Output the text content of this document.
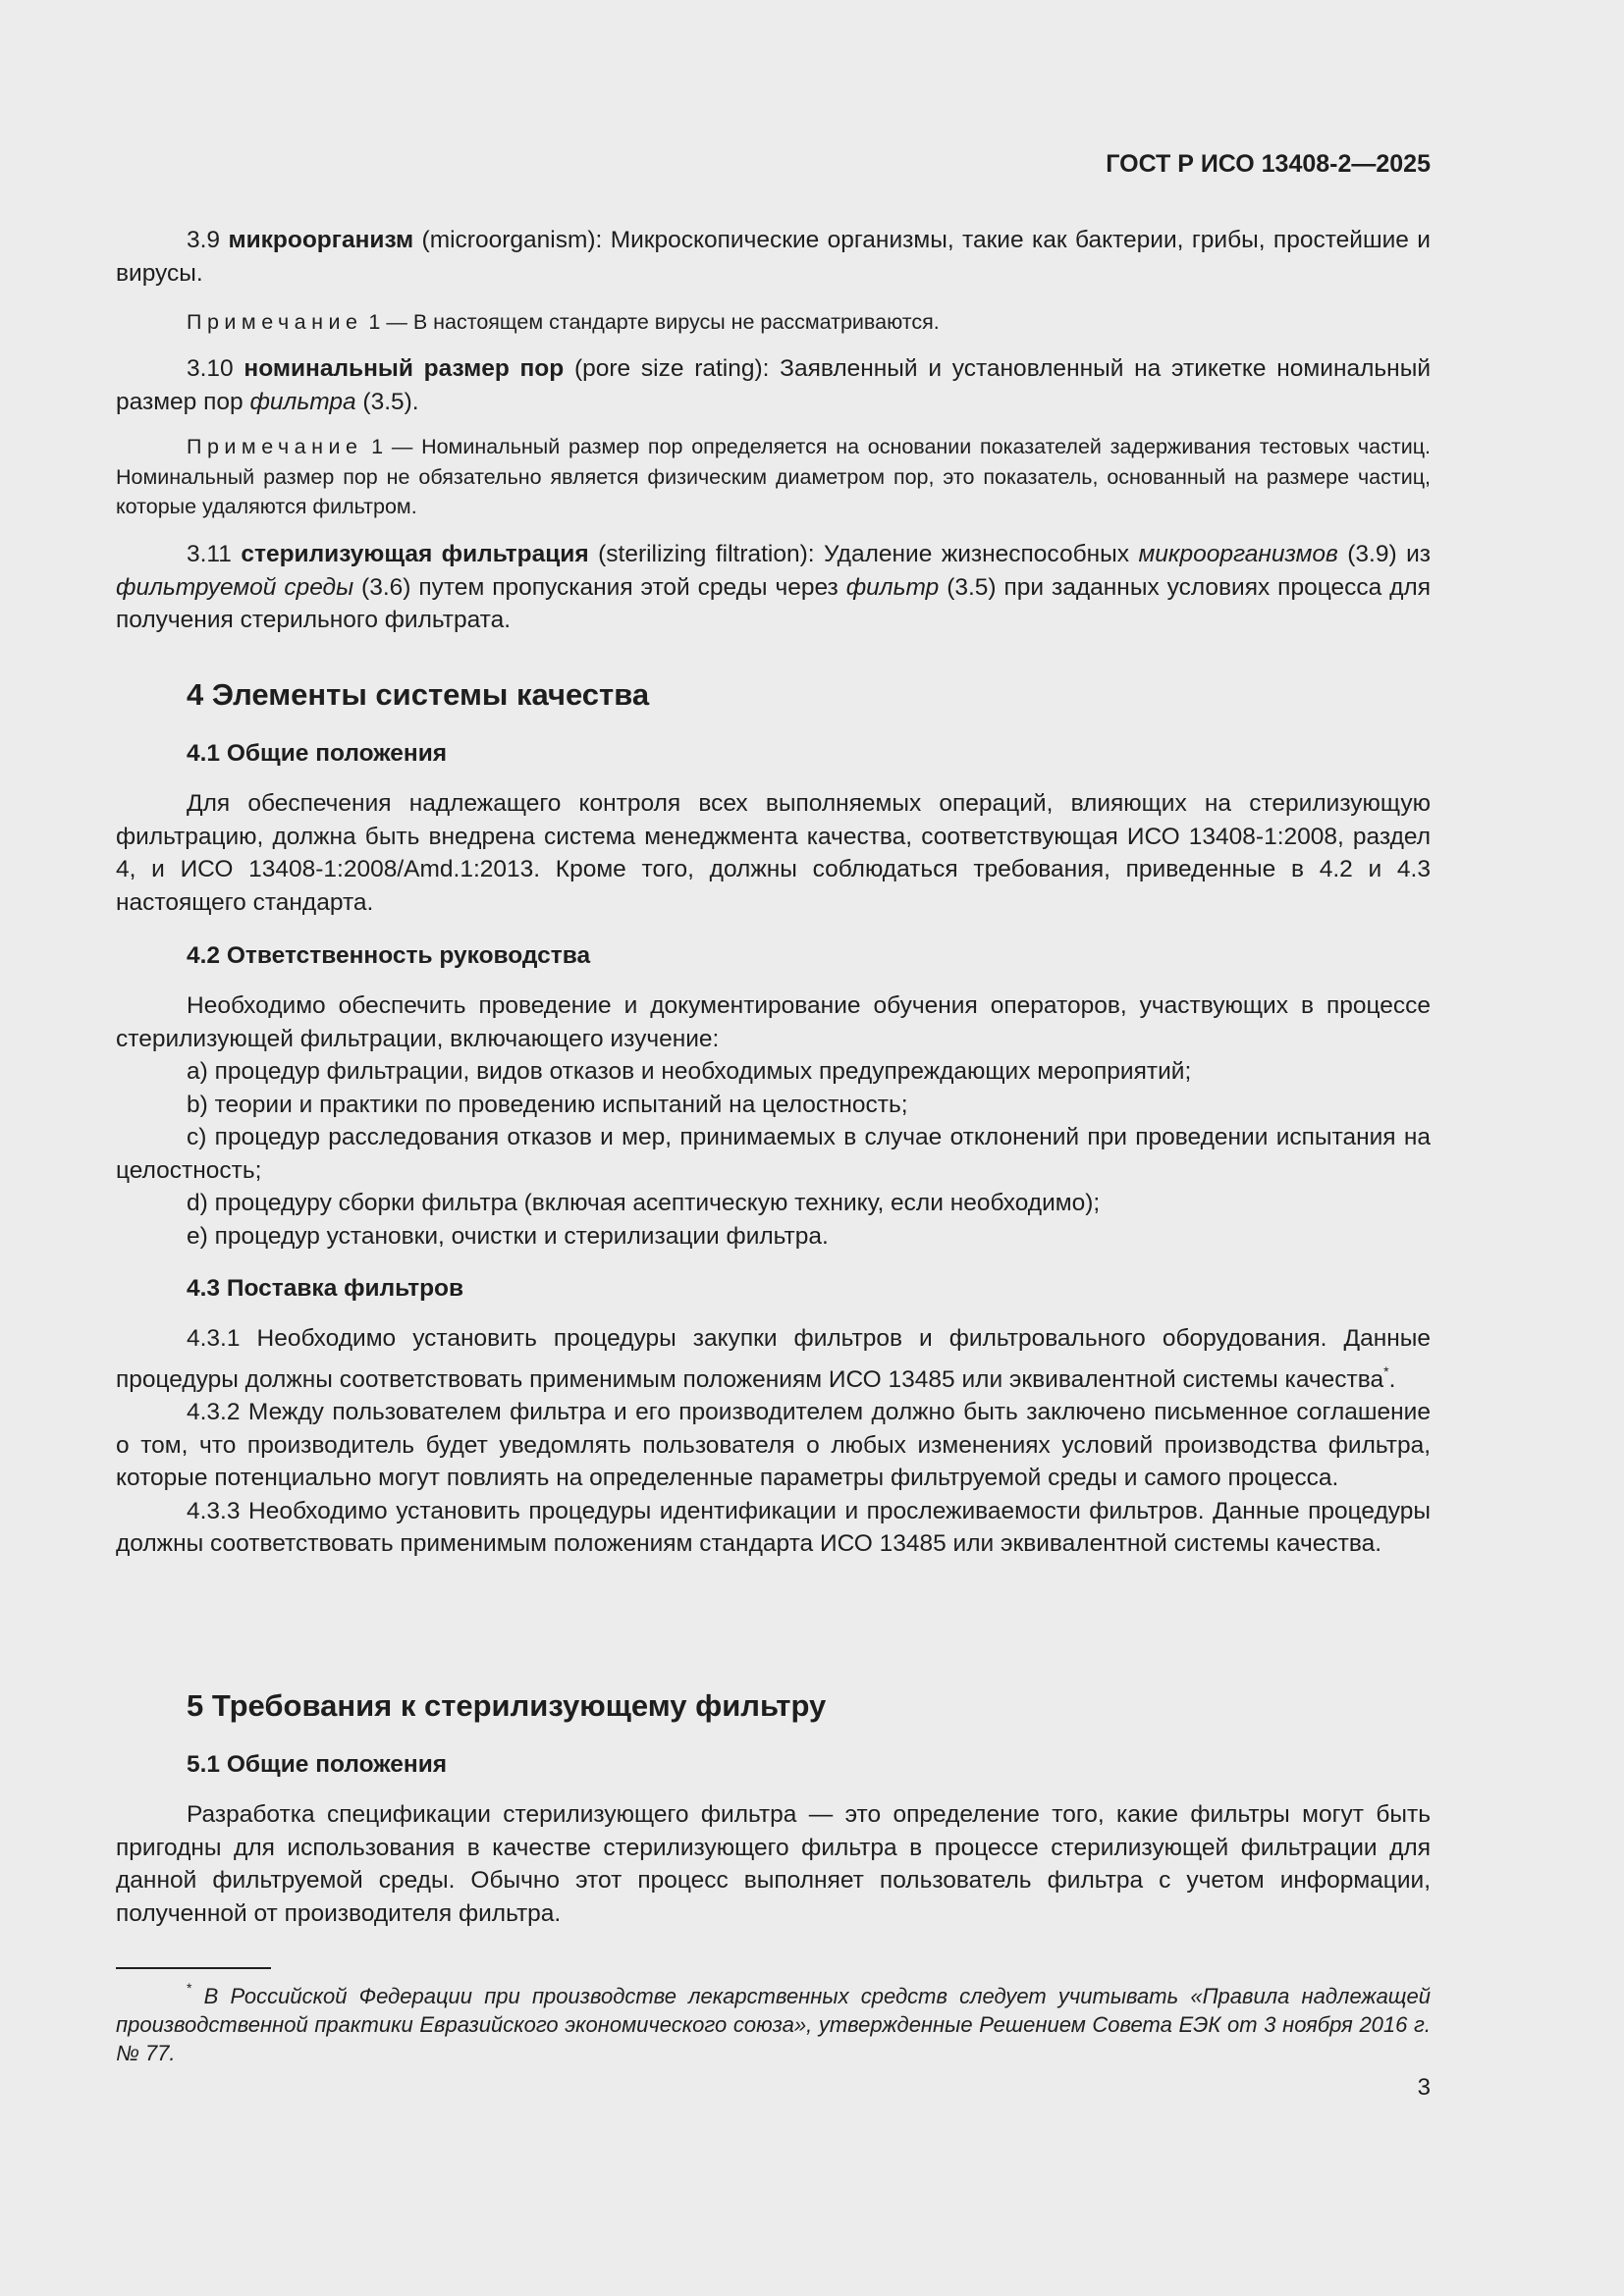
ГОСТ Р ИСО 13408-2—2025

3.9 микроорганизм (microorganism): Микроскопические организмы, такие как бактерии, грибы, простейшие и вирусы.

Примечание 1 — В настоящем стандарте вирусы не рассматриваются.

3.10 номинальный размер пор (pore size rating): Заявленный и установленный на этикетке номинальный размер пор фильтра (3.5).

Примечание 1 — Номинальный размер пор определяется на основании показателей задерживания тестовых частиц. Номинальный размер пор не обязательно является физическим диаметром пор, это показатель, основанный на размере частиц, которые удаляются фильтром.

3.11 стерилизующая фильтрация (sterilizing filtration): Удаление жизнеспособных микроорганизмов (3.9) из фильтруемой среды (3.6) путем пропускания этой среды через фильтр (3.5) при заданных условиях процесса для получения стерильного фильтрата.

4 Элементы системы качества
4.1 Общие положения

Для обеспечения надлежащего контроля всех выполняемых операций, влияющих на стерилизующую фильтрацию, должна быть внедрена система менеджмента качества, соответствующая ИСО 13408-1:2008, раздел 4, и ИСО 13408-1:2008/Amd.1:2013. Кроме того, должны соблюдаться требования, приведенные в 4.2 и 4.3 настоящего стандарта.

4.2 Ответственность руководства

Необходимо обеспечить проведение и документирование обучения операторов, участвующих в процессе стерилизующей фильтрации, включающего изучение:

a) процедур фильтрации, видов отказов и необходимых предупреждающих мероприятий;

b) теории и практики по проведению испытаний на целостность;

c) процедур расследования отказов и мер, принимаемых в случае отклонений при проведении испытания на целостность;

d) процедуру сборки фильтра (включая асептическую технику, если необходимо);

e) процедур установки, очистки и стерилизации фильтра.

4.3 Поставка фильтров

4.3.1 Необходимо установить процедуры закупки фильтров и фильтровального оборудования. Данные процедуры должны соответствовать применимым положениям ИСО 13485 или эквивалентной системы качества*.

4.3.2 Между пользователем фильтра и его производителем должно быть заключено письменное соглашение о том, что производитель будет уведомлять пользователя о любых изменениях условий производства фильтра, которые потенциально могут повлиять на определенные параметры фильтруемой среды и самого процесса.

4.3.3 Необходимо установить процедуры идентификации и прослеживаемости фильтров. Данные процедуры должны соответствовать применимым положениям стандарта ИСО 13485 или эквивалентной системы качества.

5 Требования к стерилизующему фильтру
5.1 Общие положения

Разработка спецификации стерилизующего фильтра — это определение того, какие фильтры могут быть пригодны для использования в качестве стерилизующего фильтра в процессе стерилизующей фильтрации для данной фильтруемой среды. Обычно этот процесс выполняет пользователь фильтра с учетом информации, полученной от производителя фильтра.

* В Российской Федерации при производстве лекарственных средств следует учитывать «Правила надлежащей производственной практики Евразийского экономического союза», утвержденные Решением Совета ЕЭК от 3 ноября 2016 г. № 77.

3
